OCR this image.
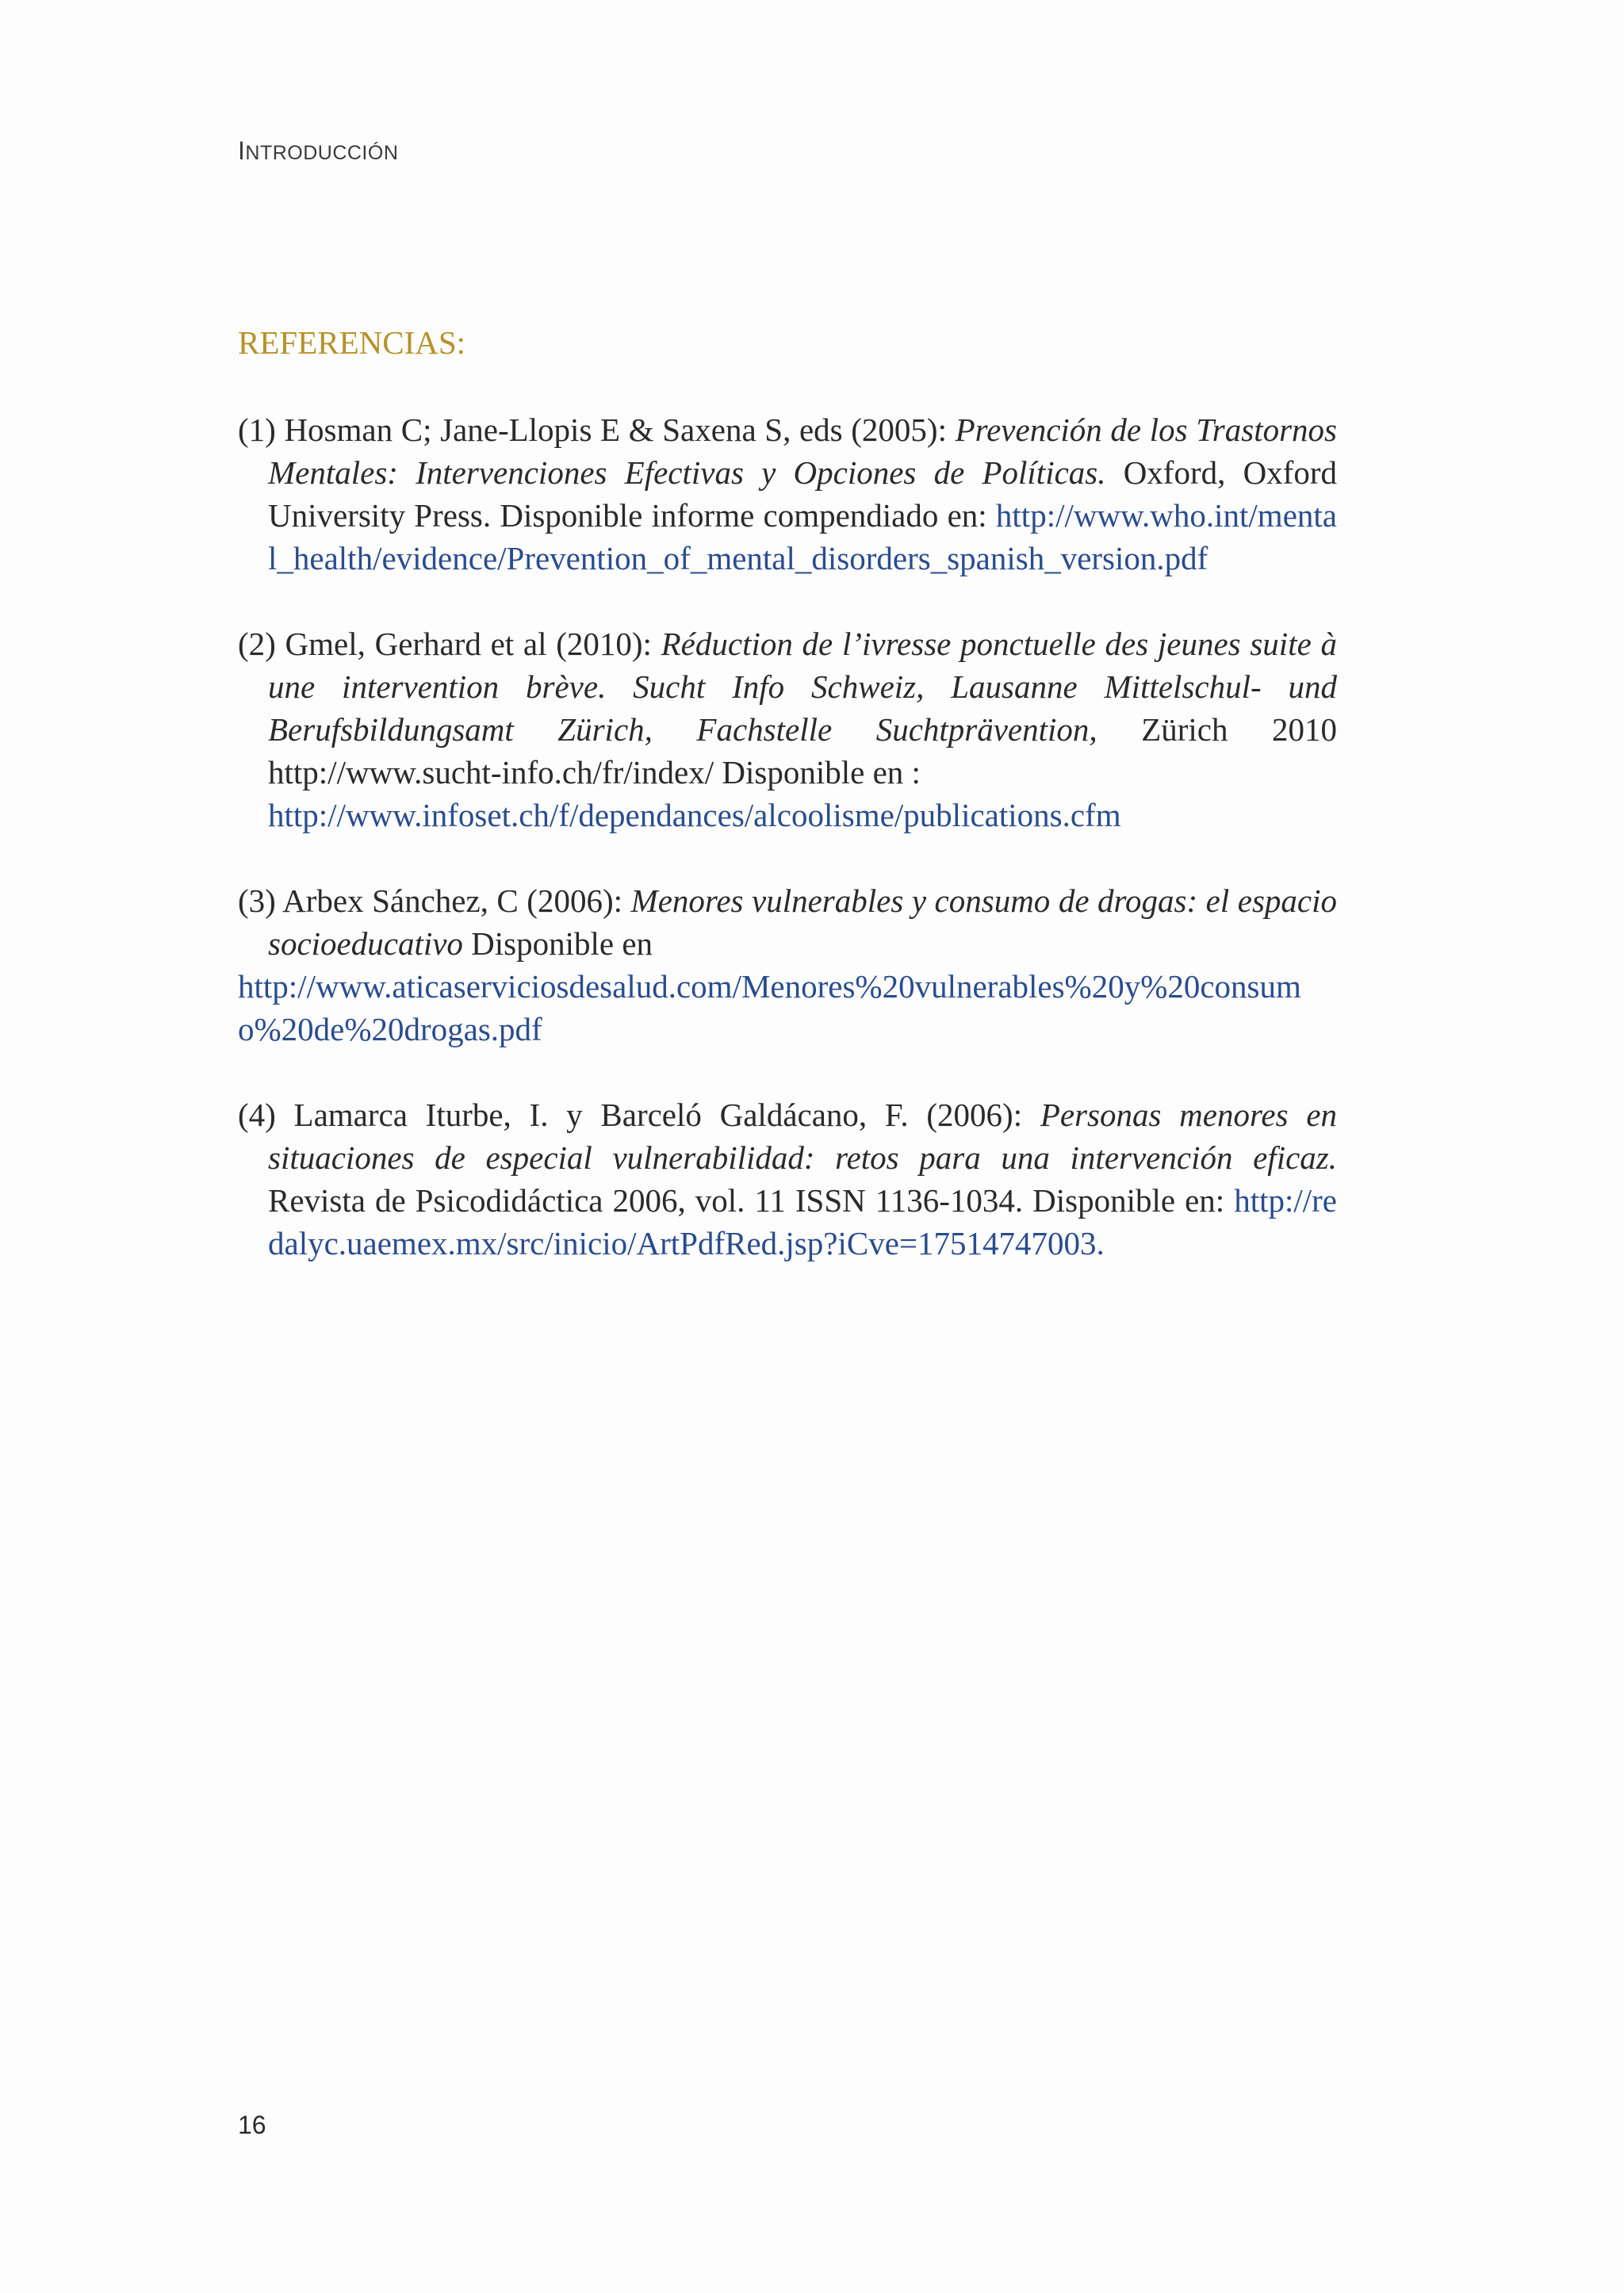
INTRODUCCIÓN
REFERENCIAS:
(1) Hosman C; Jane-Llopis E & Saxena S, eds (2005): Prevención de los Trastornos Mentales: Intervenciones Efectivas y Opciones de Políticas. Oxford, Oxford University Press. Disponible informe compendiado en: http://www.who.int/mental_health/evidence/Prevention_of_mental_disorders_spanish_version.pdf
(2) Gmel, Gerhard et al (2010): Réduction de l’ivresse ponctuelle des jeunes suite à une intervention brève. Sucht Info Schweiz, Lausanne Mittelschul- und Berufsbildungsamt Zürich, Fachstelle Suchtprävention, Zürich 2010 http://www.sucht-info.ch/fr/index/ Disponible en :
http://www.infoset.ch/f/dependances/alcoolisme/publications.cfm
(3) Arbex Sánchez, C (2006): Menores vulnerables y consumo de drogas: el espacio socioeducativo Disponible en
http://www.aticaserviciosdesalud.com/Menores%20vulnerables%20y%20consumo%20de%20drogas.pdf
(4) Lamarca Iturbe, I. y Barceló Galdácano, F. (2006): Personas menores en situaciones de especial vulnerabilidad: retos para una intervención eficaz. Revista de Psicodidáctica 2006, vol. 11 ISSN 1136-1034. Disponible en: http://redalyc.uaemex.mx/src/inicio/ArtPdfRed.jsp?iCve=17514747003.
16
